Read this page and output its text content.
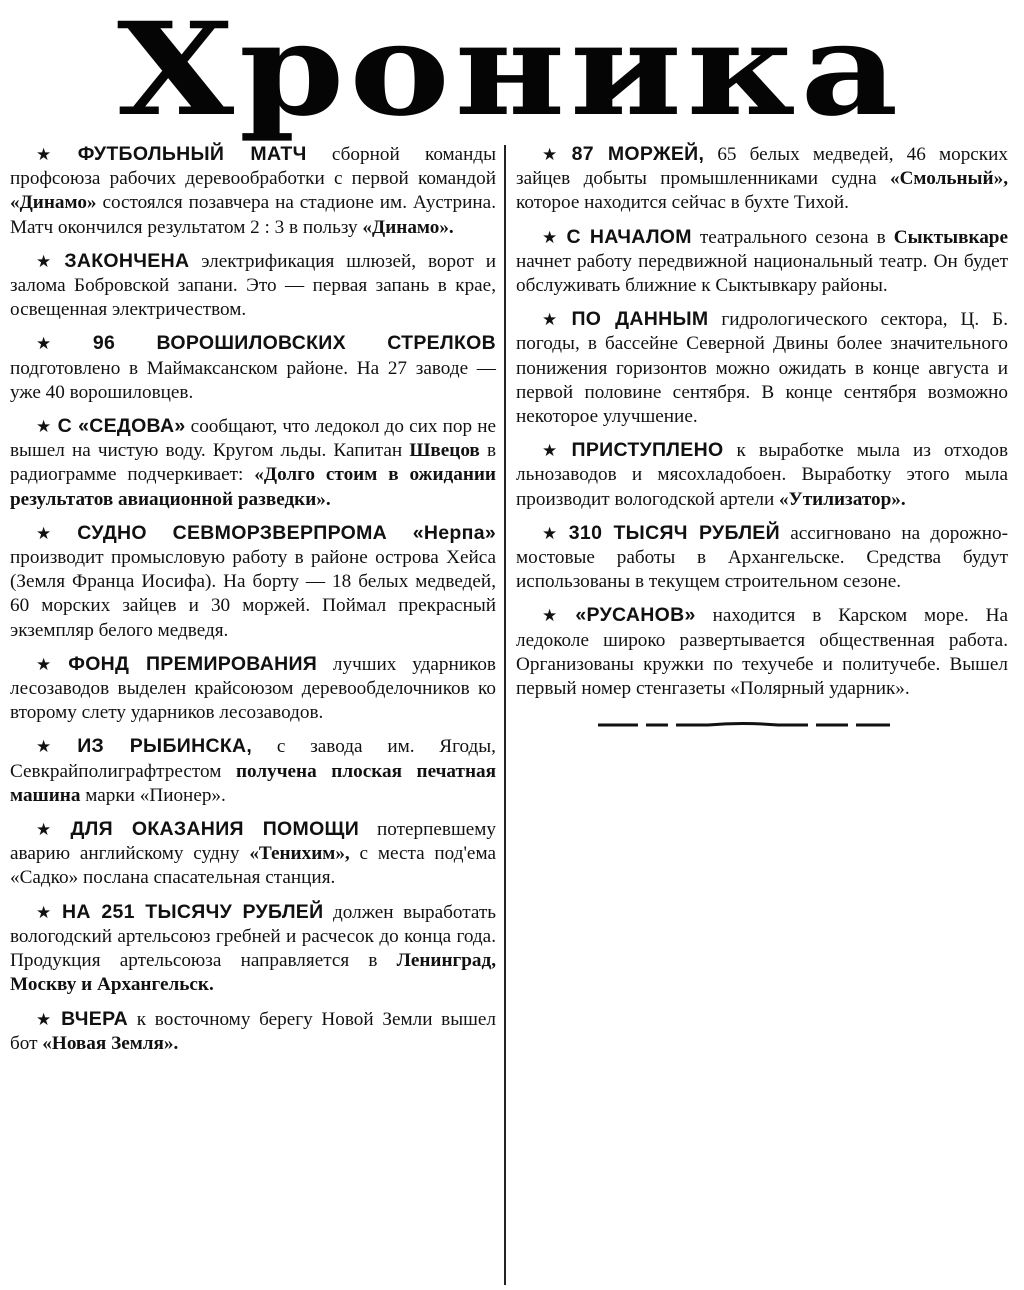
Хроника

★ ФУТБОЛЬНЫЙ МАТЧ сборной команды профсоюза рабочих деревообработки с первой командой «Динамо» состоялся позавчера на стадионе им. Аустрина. Матч окончился результатом 2 : 3 в пользу «Динамо».

★ ЗАКОНЧЕНА электрификация шлюзей, ворот и залома Бобровской запани. Это — первая запань в крае, освещенная электричеством.

★ 96 ВОРОШИЛОВСКИХ СТРЕЛКОВ подготовлено в Маймаксанском районе. На 27 заводе — уже 40 ворошиловцев.

★ С «СЕДОВА» сообщают, что ледокол до сих пор не вышел на чистую воду. Кругом льды. Капитан Швецов в радиограмме подчеркивает: «Долго стоим в ожидании результатов авиационной разведки».

★ СУДНО СЕВМОРЗВЕРПРОМА «Нерпа» производит промысловую работу в районе острова Хейса (Земля Франца Иосифа). На борту — 18 белых медведей, 60 морских зайцев и 30 моржей. Поймал прекрасный экземпляр белого медведя.

★ ФОНД ПРЕМИРОВАНИЯ лучших ударников лесозаводов выделен крайсоюзом деревообделочников ко второму слету ударников лесозаводов.

★ ИЗ РЫБИНСКА, с завода им. Ягоды, Севкрайполиграфтрестом получена плоская печатная машина марки «Пионер».

★ ДЛЯ ОКАЗАНИЯ ПОМОЩИ потерпевшему аварию английскому судну «Тенихим», с места под'ема «Садко» послана спасательная станция.

★ НА 251 ТЫСЯЧУ РУБЛЕЙ должен выработать вологодский артельсоюз гребней и расчесок до конца года. Продукция артельсоюза направляется в Ленинград, Москву и Архангельск.

★ ВЧЕРА к восточному берегу Новой Земли вышел бот «Новая Земля».

★ 87 МОРЖЕЙ, 65 белых медведей, 46 морских зайцев добыты промышленниками судна «Смольный», которое находится сейчас в бухте Тихой.

★ С НАЧАЛОМ театрального сезона в Сыктывкаре начнет работу передвижной национальный театр. Он будет обслуживать ближние к Сыктывкару районы.

★ ПО ДАННЫМ гидрологического сектора, Ц. Б. погоды, в бассейне Северной Двины более значительного понижения горизонтов можно ожидать в конце августа и первой половине сентября. В конце сентября возможно некоторое улучшение.

★ ПРИСТУПЛЕНО к выработке мыла из отходов льнозаводов и мясохладобоен. Выработку этого мыла производит вологодской артели «Утилизатор».

★ 310 ТЫСЯЧ РУБЛЕЙ ассигновано на дорожно-мостовые работы в Архангельске. Средства будут использованы в текущем строительном сезоне.

★ «РУСАНОВ» находится в Карском море. На ледоколе широко развертывается общественная работа. Организованы кружки по техучебе и политучебе. Вышел первый номер стенгазеты «Полярный ударник».
